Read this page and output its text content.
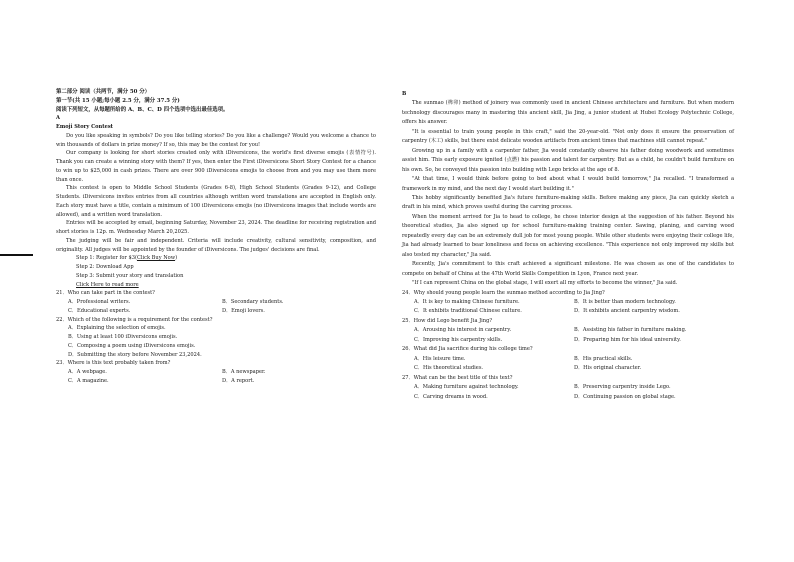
第二部分 阅读（共两节，满分 50 分）

第一节(共 15 小题;每小题 2.5 分，满分 37.5 分)

阅读下列短文，从每题所给的 A、B、C、D 四个选项中选出最佳选项。

A

Emoji Story Contest

Do you like speaking in symbols? Do you like telling stories? Do you like a challenge? Would you welcome a chance to win thousands of dollars in prize money? If so, this may be the contest for you!

Our company is looking for short stories created only with iDiversicons, the world's first diverse emojis (表情符号). Thank you can create a winning story with them? If yes, then enter the First iDiversicons Short Story Contest for a chance to win up to $25,000 in cash prizes. There are over 900 iDiversicons emojis to choose from and you may use them more than once.

This contest is open to Middle School Students (Grades 6-8), High School Students (Grades 9-12), and College Students. iDiversicons invites entries from all countries although written word translations are accepted in English only. Each story must have a title, contain a minimum of 100 iDiversicons emojis (no iDiversicons images that include words are allowed), and a written word translation.

Entries will be accepted by email, beginning Saturday, November 23, 2024. The deadline for receiving registration and short stories is 12p. m. Wednesday March 20,2025.

The judging will be fair and independent. Criteria will include creativity, cultural sensitivity, composition, and originality. All judges will be appointed by the founder of iDiversicons. The judges' decisions are final.

Step 1: Register for $3(Click Buy Now)

Step 2: Download App

Step 3: Submit your story and translation

Click Here to read more

21．Who can take part in the contest?

A．Professional writers.	B．Secondary students.
C．Educational experts.	D．Emoji lovers.

22．Which of the following is a requirement for the contest?

A．Explaining the selection of emojis.
B．Using at least 100 iDiversicons emojis.
C．Composing a poem using iDiversicons emojis.
D．Submitting the story before November 23,2024.

23．Where is this text probably taken from?

A．A webpage.	B．A newspaper.
C．A magazine.	D．A report.

B

The sunmao (榫卯) method of joinery was commonly used in ancient Chinese architecture and furniture. But when modern technology discourages many in mastering this ancient skill, Jia Jing, a junior student at Hubei Ecology Polytechnic College, offers his answer.

"It is essential to train young people in this craft," said the 20-year-old. "Not only does it ensure the preservation of carpentry (木工) skills, but there exist delicate wooden artifacts from ancient times that machines still cannot repeat."

Growing up in a family with a carpenter father, Jia would constantly observe his father doing woodwork and sometimes assist him. This early exposure ignited (点燃) his passion and talent for carpentry. But as a child, he couldn't build furniture on his own. So, he conveyed this passion into building with Lego bricks at the age of 8.

"At that time, I would think before going to bed about what I would build tomorrow," Jia recalled. "I transformed a framework in my mind, and the next day I would start building it."

This hobby significantly benefited Jia's future furniture-making skills. Before making any piece, Jia can quickly sketch a draft in his mind, which proves useful during the carving process.

When the moment arrived for Jia to head to college, he chose interior design at the suggestion of his father. Beyond his theoretical studies, Jia also signed up for school furniture-making training center. Sawing, planing, and carving wood repeatedly every day can be an extremely dull job for most young people. While other students were enjoying their college life, Jia had already learned to bear loneliness and focus on achieving excellence. "This experience not only improved my skills but also tested my character," Jia said.

Recently, Jia's commitment to this craft achieved a significant milestone. He was chosen as one of the candidates to compete on behalf of China at the 47th World Skills Competition in Lyon, France next year.

"If I can represent China on the global stage, I will exert all my efforts to become the winner," Jia said.

24．Why should young people learn the sunmao method according to Jia Jing?

A．It is key to making Chinese furniture.	B．It is better than modern technology.
C．It exhibits traditional Chinese culture.	D．It exhibits ancient carpentry wisdom.

25．How did Lego benefit Jia Jing?

A．Arousing his interest in carpentry.	B．Assisting his father in furniture making.
C．Improving his carpentry skills.	D．Preparing him for his ideal university.

26．What did Jia sacrifice during his college time?

A．His leisure time.	B．His practical skills.
C．His theoretical studies.	D．His original character.

27．What can be the best title of this text?

A．Making furniture against technology.	B．Preserving carpentry inside Lego.
C．Carving dreams in wood.	D．Continuing passion on global stage.
